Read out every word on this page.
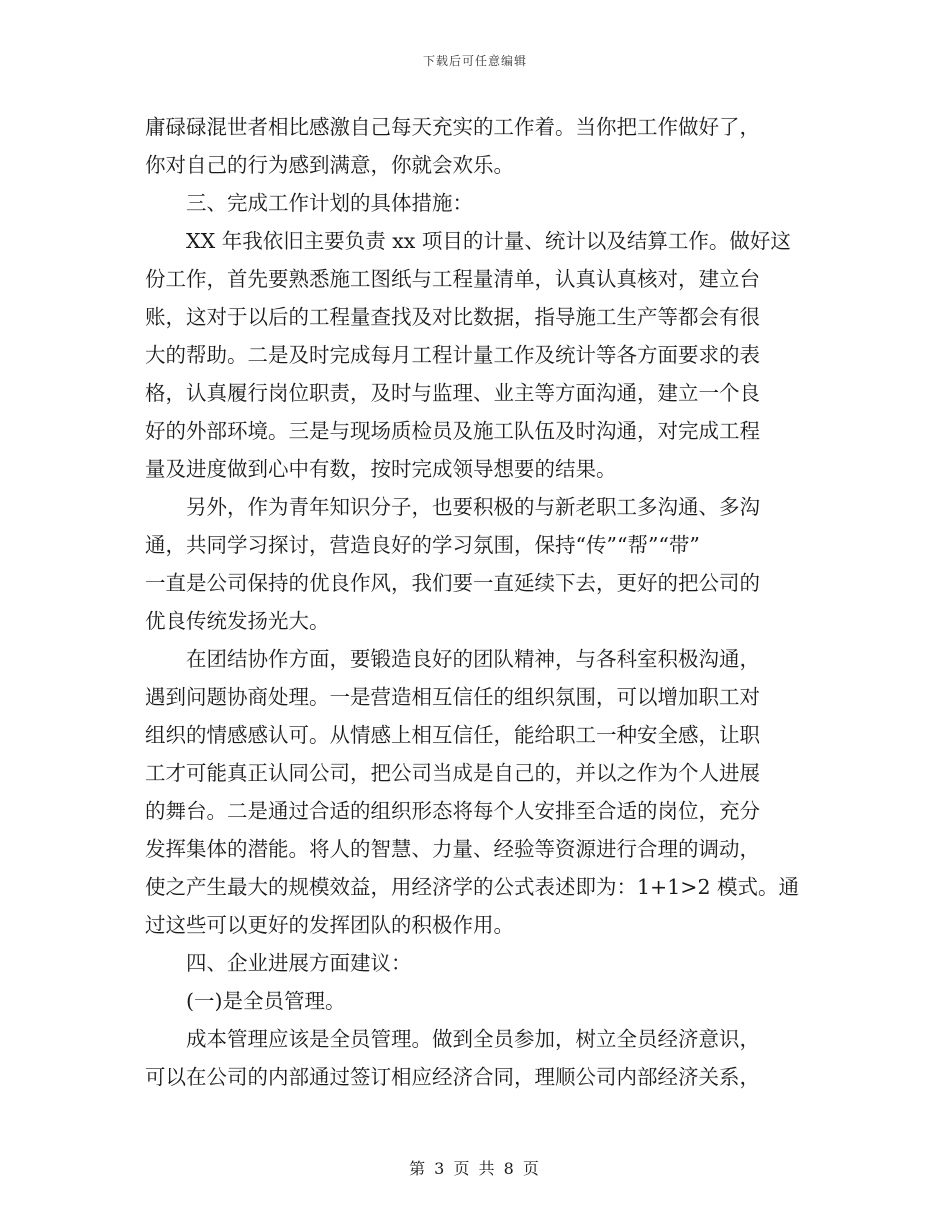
下载后可任意编辑
庸碌碌混世者相比感激自己每天充实的工作着。当你把工作做好了，
你对自己的行为感到满意，你就会欢乐。
三、完成工作计划的具体措施：
XX 年我依旧主要负责 xx 项目的计量、统计以及结算工作。做好这
份工作，首先要熟悉施工图纸与工程量清单，认真认真核对，建立台
账，这对于以后的工程量查找及对比数据，指导施工生产等都会有很
大的帮助。二是及时完成每月工程计量工作及统计等各方面要求的表
格，认真履行岗位职责，及时与监理、业主等方面沟通，建立一个良
好的外部环境。三是与现场质检员及施工队伍及时沟通，对完成工程
量及进度做到心中有数，按时完成领导想要的结果。
另外，作为青年知识分子，也要积极的与新老职工多沟通、多沟
通，共同学习探讨，营造良好的学习氛围，保持“传”“帮”“带”
一直是公司保持的优良作风，我们要一直延续下去，更好的把公司的
优良传统发扬光大。
在团结协作方面，要锻造良好的团队精神，与各科室积极沟通，
遇到问题协商处理。一是营造相互信任的组织氛围，可以增加职工对
组织的情感感认可。从情感上相互信任，能给职工一种安全感，让职
工才可能真正认同公司，把公司当成是自己的，并以之作为个人进展
的舞台。二是通过合适的组织形态将每个人安排至合适的岗位，充分
发挥集体的潜能。将人的智慧、力量、经验等资源进行合理的调动，
使之产生最大的规模效益，用经济学的公式表述即为：1+1>2 模式。通
过这些可以更好的发挥团队的积极作用。
四、企业进展方面建议：
(一)是全员管理。
成本管理应该是全员管理。做到全员参加，树立全员经济意识，
可以在公司的内部通过签订相应经济合同，理顺公司内部经济关系，
第 3 页 共 8 页
